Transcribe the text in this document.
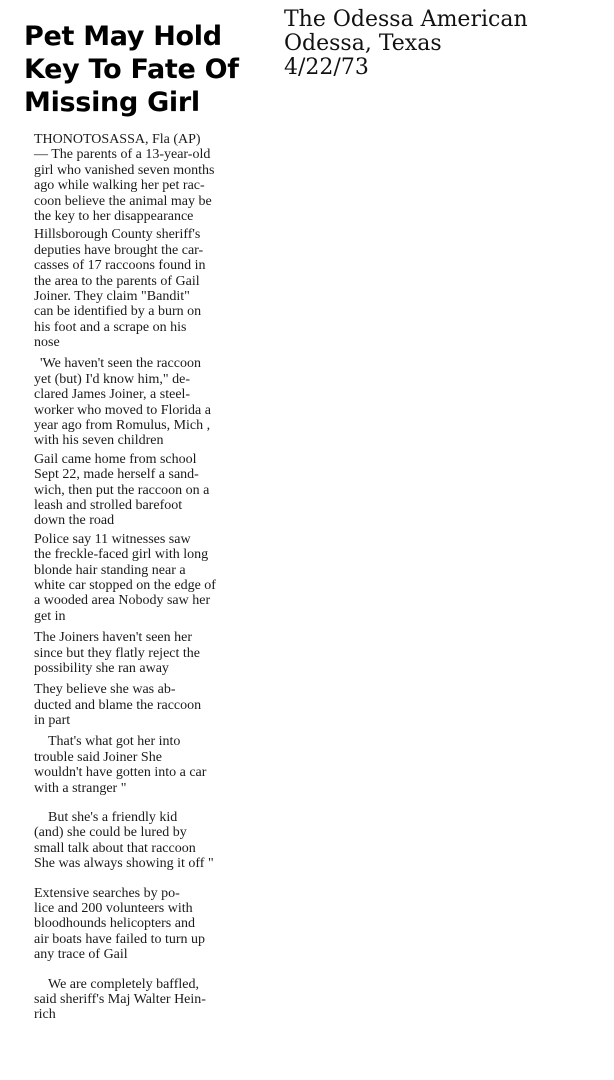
Pet May Hold
Key To Fate Of
Missing Girl
The Odessa American
Odessa, Texas
4/22/73
THONOTOSASSA, Fla (AP)
— The parents of a 13-year-old
girl who vanished seven months
ago while walking her pet rac-
coon believe the animal may be
the key to her disappearance
Hillsborough County sheriff's
deputies have brought the car-
casses of 17 raccoons found in
the area to the parents of Gail
Joiner. They claim "Bandit"
can be identified by a burn on
his foot and a scrape on his
nose
'We haven't seen the raccoon
yet (but) I'd know him," de-
clared James Joiner, a steel-
worker who moved to Florida a
year ago from Romulus, Mich ,
with his seven children
Gail came home from school
Sept 22, made herself a sand-
wich, then put the raccoon on a
leash and strolled barefoot
down the road
Police say 11 witnesses saw
the freckle-faced girl with long
blonde hair standing near a
white car stopped on the edge of
a wooded area Nobody saw her
get in
The Joiners haven't seen her
since but they flatly reject the
possibility she ran away
They believe she was ab-
ducted and blame the raccoon
in part
That's what got her into
trouble said Joiner She
wouldn't have gotten into a car
with a stranger "
But she's a friendly kid
(and) she could be lured by
small talk about that raccoon
She was always showing it off "
Extensive searches by po-
lice and 200 volunteers with
bloodhounds helicopters and
air boats have failed to turn up
any trace of Gail
We are completely baffled,
said sheriff's Maj Walter Hein-
rich
